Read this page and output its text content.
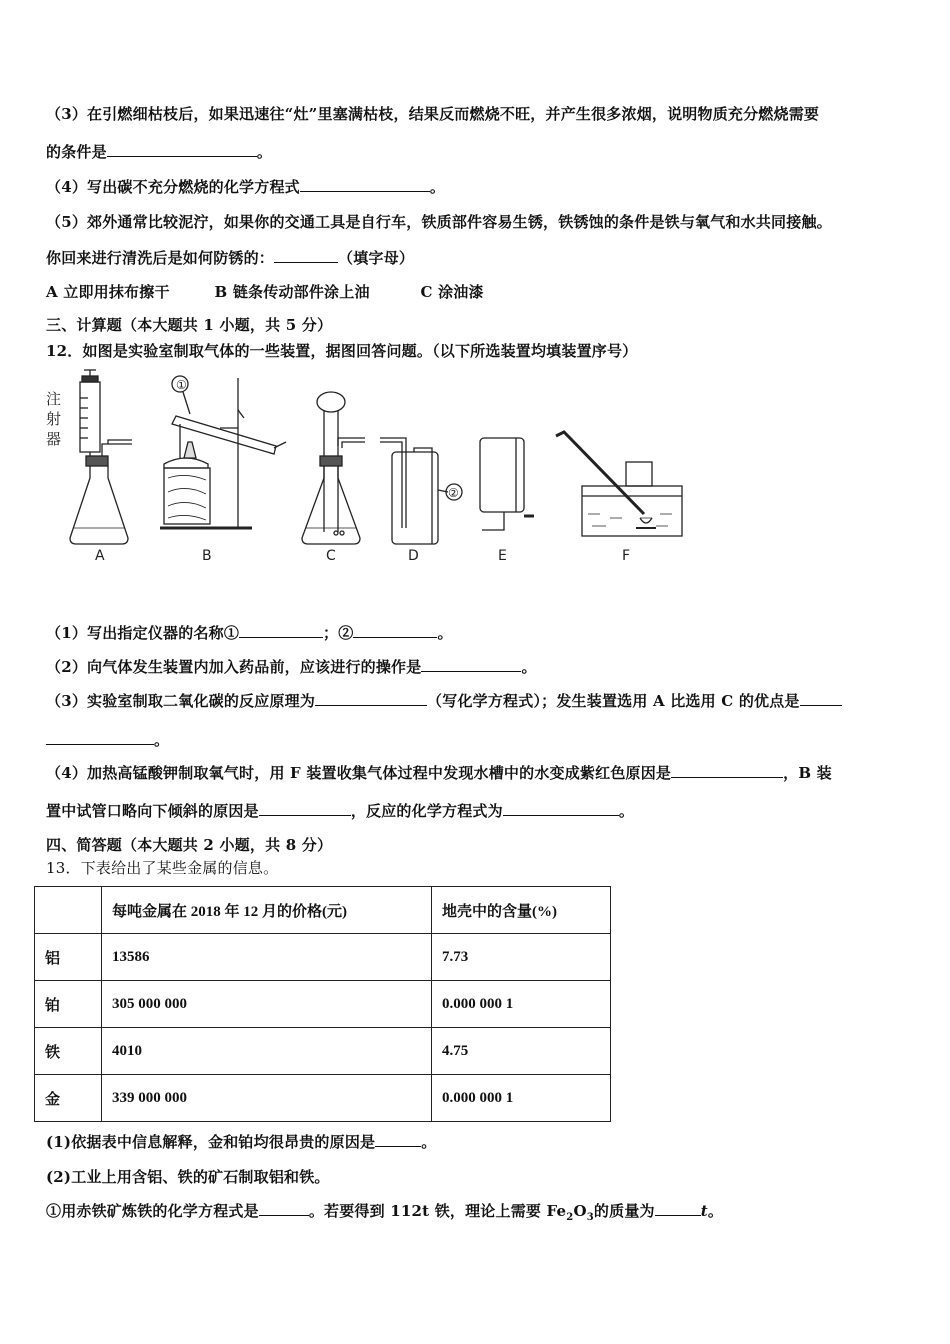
（3）在引燃细枯枝后，如果迅速往“灶”里塞满枯枝，结果反而燃烧不旺，并产生很多浓烟，说明物质充分燃烧需要
的条件是	。
（4）写出碳不充分燃烧的化学方程式	。
（5）郊外通常比较泥泞，如果你的交通工具是自行车，铁质部件容易生锈，铁锈蚀的条件是铁与氧气和水共同接触。
你回来进行清洗后是如何防锈的：	（填字母）
A 立即用抹布擦干	B 链条传动部件涂上油	C 涂油漆
三、计算题（本大题共 1 小题，共 5 分）
12．如图是实验室制取气体的一些装置，据图回答问题。（以下所选装置均填装置序号）
注
射
器
①
②
A	B	C	D	E	F
（1）写出指定仪器的名称①	；②	。
（2）向气体发生装置内加入药品前，应该进行的操作是	。
（3）实验室制取二氧化碳的反应原理为	（写化学方程式）；发生装置选用 A 比选用 C 的优点是
。
（4）加热高锰酸钾制取氧气时，用 F 装置收集气体过程中发现水槽中的水变成紫红色原因是	，B 装
置中试管口略向下倾斜的原因是	，反应的化学方程式为	。
四、简答题（本大题共 2 小题，共 8 分）
13．下表给出了某些金属的信息。
	每吨金属在 2018 年 12 月的价格(元)	地壳中的含量(%)
铝	13586	7.73
铂	305 000 000	0.000 000 1
铁	4010	4.75
金	339 000 000	0.000 000 1
(1)依据表中信息解释，金和铂均很昂贵的原因是	。
(2)工业上用含铝、铁的矿石制取铝和铁。
①用赤铁矿炼铁的化学方程式是	。若要得到 112t 铁，理论上需要 $Fe_2O_3$的质量为	t。
